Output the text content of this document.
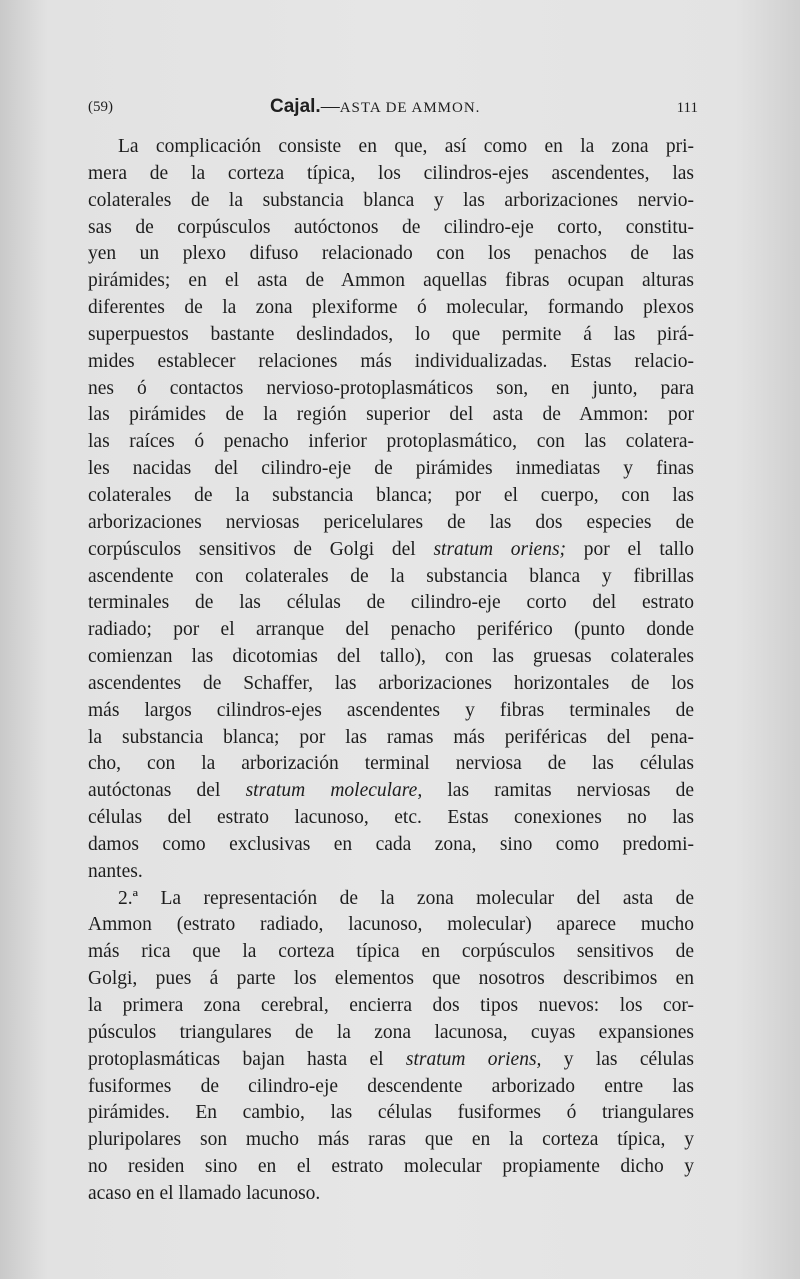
(59)	Cajal.—ASTA DE AMMON.	111
La complicación consiste en que, así como en la zona pri-
mera de la corteza típica, los cilindros-ejes ascendentes, las
colaterales de la substancia blanca y las arborizaciones nervio-
sas de corpúsculos autóctonos de cilindro-eje corto, constitu-
yen un plexo difuso relacionado con los penachos de las
pirámides; en el asta de Ammon aquellas fibras ocupan alturas
diferentes de la zona plexiforme ó molecular, formando plexos
superpuestos bastante deslindados, lo que permite á las pirá-
mides establecer relaciones más individualizadas. Estas relacio-
nes ó contactos nervioso-protoplasmáticos son, en junto, para
las pirámides de la región superior del asta de Ammon: por
las raíces ó penacho inferior protoplasmático, con las colatera-
les nacidas del cilindro-eje de pirámides inmediatas y finas
colaterales de la substancia blanca; por el cuerpo, con las
arborizaciones nerviosas pericelulares de las dos especies de
corpúsculos sensitivos de Golgi del stratum oriens; por el tallo
ascendente con colaterales de la substancia blanca y fibrillas
terminales de las células de cilindro-eje corto del estrato
radiado; por el arranque del penacho periférico (punto donde
comienzan las dicotomias del tallo), con las gruesas colaterales
ascendentes de Schaffer, las arborizaciones horizontales de los
más largos cilindros-ejes ascendentes y fibras terminales de
la substancia blanca; por las ramas más periféricas del pena-
cho, con la arborización terminal nerviosa de las células
autóctonas del stratum moleculare, las ramitas nerviosas de
células del estrato lacunoso, etc. Estas conexiones no las
damos como exclusivas en cada zona, sino como predomi-
nantes.
2.ª La representación de la zona molecular del asta de
Ammon (estrato radiado, lacunoso, molecular) aparece mucho
más rica que la corteza típica en corpúsculos sensitivos de
Golgi, pues á parte los elementos que nosotros describimos en
la primera zona cerebral, encierra dos tipos nuevos: los cor-
púsculos triangulares de la zona lacunosa, cuyas expansiones
protoplasmáticas bajan hasta el stratum oriens, y las células
fusiformes de cilindro-eje descendente arborizado entre las
pirámides. En cambio, las células fusiformes ó triangulares
pluripolares son mucho más raras que en la corteza típica, y
no residen sino en el estrato molecular propiamente dicho y
acaso en el llamado lacunoso.
